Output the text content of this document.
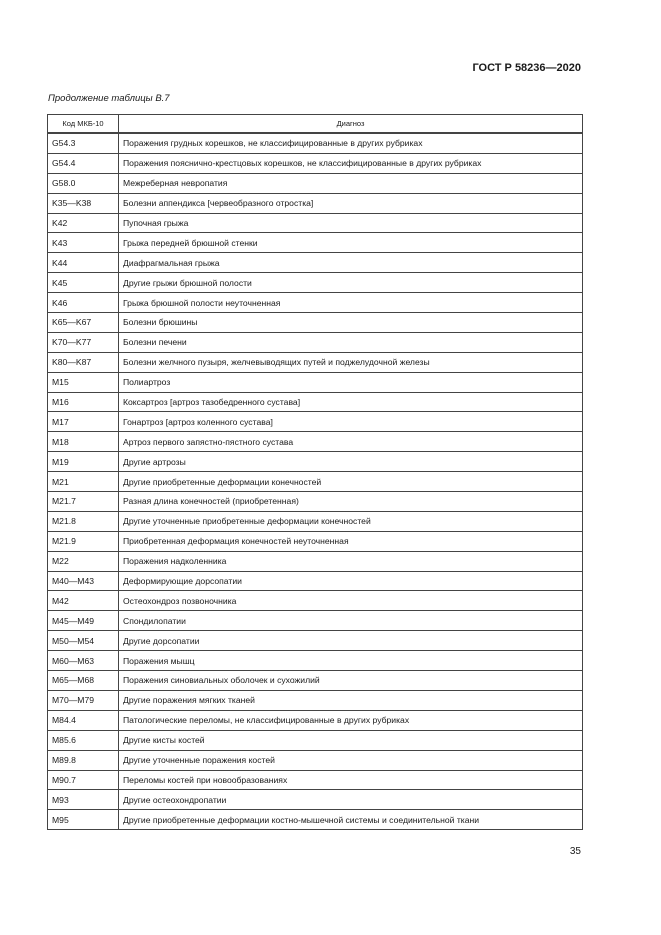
ГОСТ Р 58236—2020
Продолжение таблицы В.7
Код МКБ-10	Диагноз
G54.3	Поражения грудных корешков, не классифицированные в других рубриках
G54.4	Поражения пояснично-крестцовых корешков, не классифицированные в других рубриках
G58.0	Межреберная невропатия
K35—K38	Болезни аппендикса [червеобразного отростка]
K42	Пупочная грыжа
K43	Грыжа передней брюшной стенки
K44	Диафрагмальная грыжа
K45	Другие грыжи брюшной полости
K46	Грыжа брюшной полости неуточненная
K65—K67	Болезни брюшины
K70—K77	Болезни печени
K80—K87	Болезни желчного пузыря, желчевыводящих путей и поджелудочной железы
M15	Полиартроз
M16	Коксартроз [артроз тазобедренного сустава]
M17	Гонартроз [артроз коленного сустава]
M18	Артроз первого запястно-пястного сустава
M19	Другие артрозы
M21	Другие приобретенные деформации конечностей
M21.7	Разная длина конечностей (приобретенная)
M21.8	Другие уточненные приобретенные деформации конечностей
M21.9	Приобретенная деформация конечностей неуточненная
M22	Поражения надколенника
M40—M43	Деформирующие дорсопатии
M42	Остеохондроз позвоночника
M45—M49	Спондилопатии
M50—M54	Другие дорсопатии
M60—M63	Поражения мышц
M65—M68	Поражения синовиальных оболочек и сухожилий
M70—M79	Другие поражения мягких тканей
M84.4	Патологические переломы, не классифицированные в других рубриках
M85.6	Другие кисты костей
M89.8	Другие уточненные поражения костей
M90.7	Переломы костей при новообразованиях
M93	Другие остеохондропатии
M95	Другие приобретенные деформации костно-мышечной системы и соединительной ткани
35
